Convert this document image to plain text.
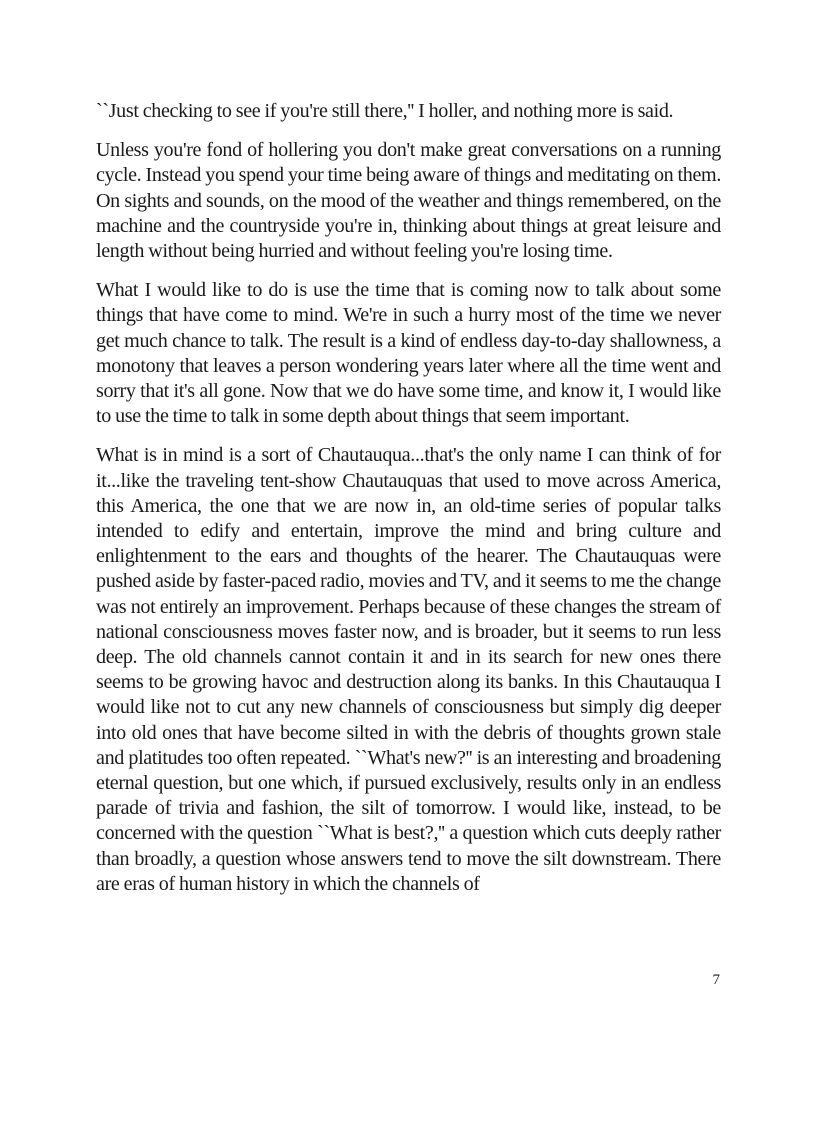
``Just checking to see if you're still there,'' I holler, and nothing more is said.

Unless you're fond of hollering you don't make great conversations on a running cycle. Instead you spend your time being aware of things and meditating on them. On sights and sounds, on the mood of the weather and things remembered, on the machine and the countryside you're in, thinking about things at great leisure and length without being hurried and without feeling you're losing time.

What I would like to do is use the time that is coming now to talk about some things that have come to mind. We're in such a hurry most of the time we never get much chance to talk. The result is a kind of endless day-to-day shallowness, a monotony that leaves a person wondering years later where all the time went and sorry that it's all gone. Now that we do have some time, and know it, I would like to use the time to talk in some depth about things that seem important.

What is in mind is a sort of Chautauqua...that's the only name I can think of for it...like the traveling tent-show Chautauquas that used to move across America, this America, the one that we are now in, an old-time series of popular talks intended to edify and entertain, improve the mind and bring culture and enlightenment to the ears and thoughts of the hearer. The Chautauquas were pushed aside by faster-paced radio, movies and TV, and it seems to me the change was not entirely an improvement. Perhaps because of these changes the stream of national consciousness moves faster now, and is broader, but it seems to run less deep. The old channels cannot contain it and in its search for new ones there seems to be growing havoc and destruction along its banks. In this Chautauqua I would like not to cut any new channels of consciousness but simply dig deeper into old ones that have become silted in with the debris of thoughts grown stale and platitudes too often repeated. ``What's new?'' is an interesting and broadening eternal question, but one which, if pursued exclusively, results only in an endless parade of trivia and fashion, the silt of tomorrow. I would like, instead, to be concerned with the question ``What is best?,'' a question which cuts deeply rather than broadly, a question whose answers tend to move the silt downstream. There are eras of human history in which the channels of

7
